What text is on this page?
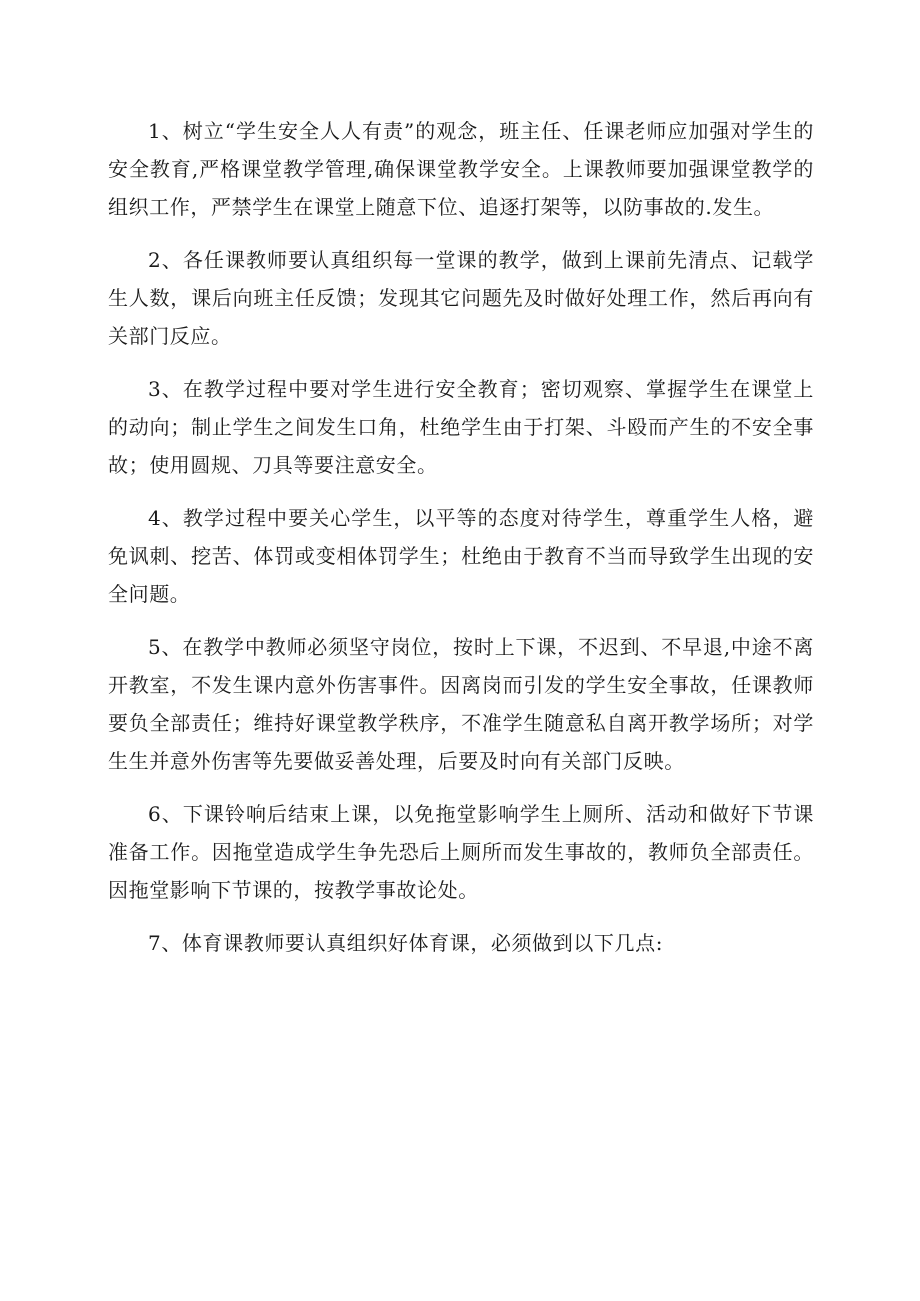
1、树立“学生安全人人有责”的观念，班主任、任课老师应加强对学生的安全教育,严格课堂教学管理,确保课堂教学安全。上课教师要加强课堂教学的组织工作，严禁学生在课堂上随意下位、追逐打架等，以防事故的.发生。

2、各任课教师要认真组织每一堂课的教学，做到上课前先清点、记载学生人数，课后向班主任反馈；发现其它问题先及时做好处理工作，然后再向有关部门反应。

3、在教学过程中要对学生进行安全教育；密切观察、掌握学生在课堂上的动向；制止学生之间发生口角，杜绝学生由于打架、斗殴而产生的不安全事故；使用圆规、刀具等要注意安全。

4、教学过程中要关心学生，以平等的态度对待学生，尊重学生人格，避免讽刺、挖苦、体罚或变相体罚学生；杜绝由于教育不当而导致学生出现的安全问题。

5、在教学中教师必须坚守岗位，按时上下课，不迟到、不早退,中途不离开教室，不发生课内意外伤害事件。因离岗而引发的学生安全事故，任课教师要负全部责任；维持好课堂教学秩序，不准学生随意私自离开教学场所；对学生生并意外伤害等先要做妥善处理，后要及时向有关部门反映。

6、下课铃响后结束上课，以免拖堂影响学生上厕所、活动和做好下节课准备工作。因拖堂造成学生争先恐后上厕所而发生事故的，教师负全部责任。因拖堂影响下节课的，按教学事故论处。

7、体育课教师要认真组织好体育课，必须做到以下几点:
